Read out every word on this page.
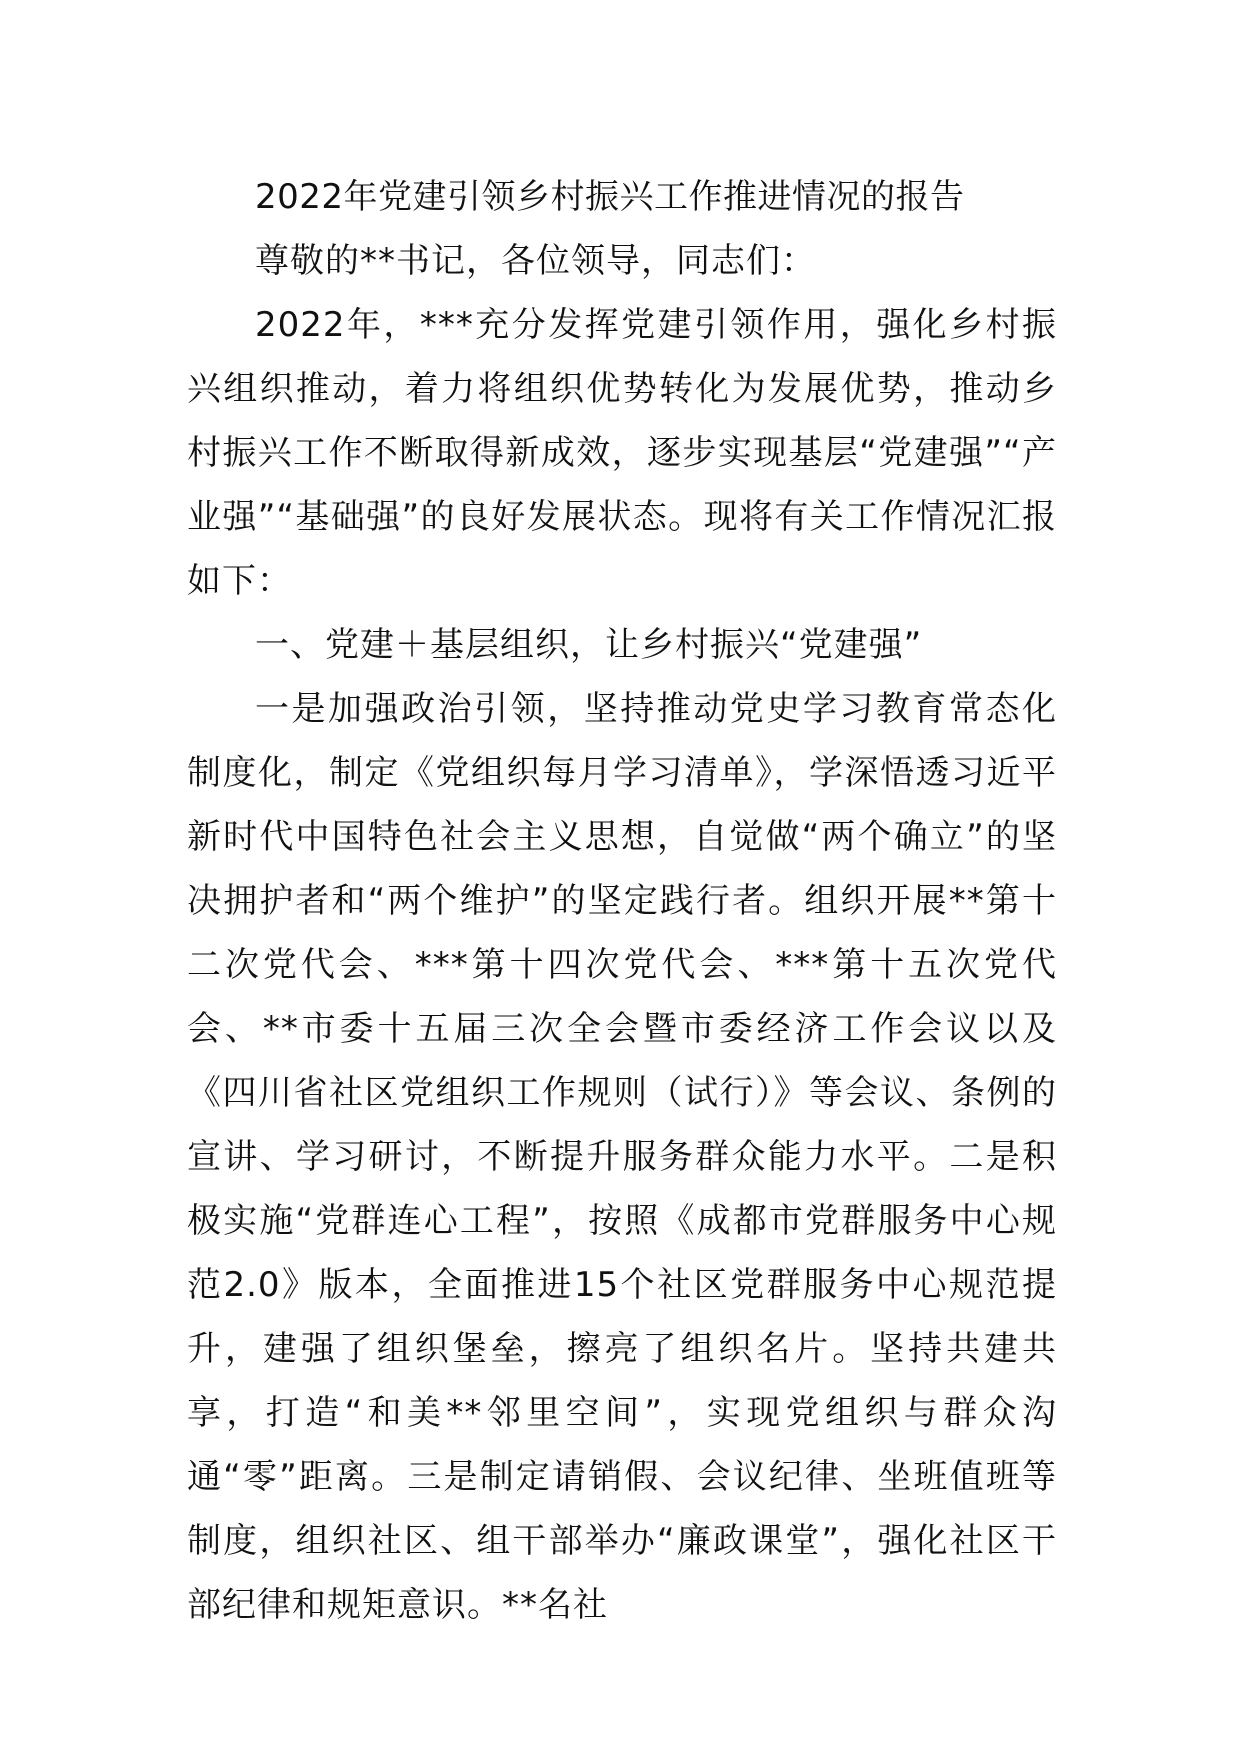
2022年党建引领乡村振兴工作推进情况的报告

尊敬的**书记，各位领导，同志们：

2022年，***充分发挥党建引领作用，强化乡村振兴组织推动，着力将组织优势转化为发展优势，推动乡村振兴工作不断取得新成效，逐步实现基层“党建强”“产业强”“基础强”的良好发展状态。现将有关工作情况汇报如下：

一、党建＋基层组织，让乡村振兴“党建强”

一是加强政治引领，坚持推动党史学习教育常态化制度化，制定《党组织每月学习清单》，学深悟透习近平新时代中国特色社会主义思想，自觉做“两个确立”的坚决拥护者和“两个维护”的坚定践行者。组织开展**第十二次党代会、***第十四次党代会、***第十五次党代会、**市委十五届三次全会暨市委经济工作会议以及《四川省社区党组织工作规则（试行）》等会议、条例的宣讲、学习研讨，不断提升服务群众能力水平。二是积极实施“党群连心工程”，按照《成都市党群服务中心规范2.0》版本，全面推进15个社区党群服务中心规范提升，建强了组织堡垒，擦亮了组织名片。坚持共建共享，打造“和美**邻里空间”，实现党组织与群众沟通“零”距离。三是制定请销假、会议纪律、坐班值班等制度，组织社区、组干部举办“廉政课堂”，强化社区干部纪律和规矩意识。**名社
